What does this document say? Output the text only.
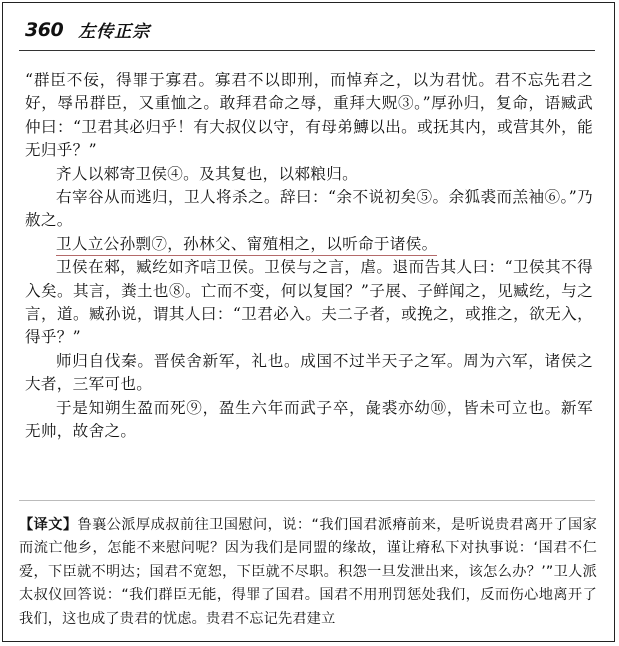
360 左传正宗

“群臣不佞，得罪于寡君。寡君不以即刑，而悼弃之，以为君忧。君不忘先君之好，辱吊群臣，又重恤之。敢拜君命之辱，重拜大贶③。”厚孙归，复命，语臧武仲曰：“卫君其必归乎！有大叔仪以守，有母弟鱄以出。或抚其内，或营其外，能无归乎？”

齐人以郲寄卫侯④。及其复也，以郲粮归。

右宰谷从而逃归，卫人将杀之。辞曰：“余不说初矣⑤。余狐裘而羔袖⑥。”乃赦之。

卫人立公孙剽⑦，孙林父、甯殖相之，以听命于诸侯。

卫侯在郲，臧纥如齐唁卫侯。卫侯与之言，虐。退而告其人曰：“卫侯其不得入矣。其言，粪土也⑧。亡而不变，何以复国？”子展、子鲜闻之，见臧纥，与之言，道。臧孙说，谓其人曰：“卫君必入。夫二子者，或挽之，或推之，欲无入，得乎？”

师归自伐秦。晋侯舍新军，礼也。成国不过半天子之军。周为六军，诸侯之大者，三军可也。

于是知朔生盈而死⑨，盈生六年而武子卒，彘裘亦幼⑩，皆未可立也。新军无帅，故舍之。

【译文】鲁襄公派厚成叔前往卫国慰问，说：“我们国君派瘠前来，是听说贵君离开了国家而流亡他乡，怎能不来慰问呢？因为我们是同盟的缘故，谨让瘠私下对执事说：‘国君不仁爱，下臣就不明达；国君不宽恕，下臣就不尽职。积怨一旦发泄出来，该怎么办？’”卫人派太叔仪回答说：“我们群臣无能，得罪了国君。国君不用刑罚惩处我们，反而伤心地离开了我们，这也成了贵君的忧虑。贵君不忘记先君建立
